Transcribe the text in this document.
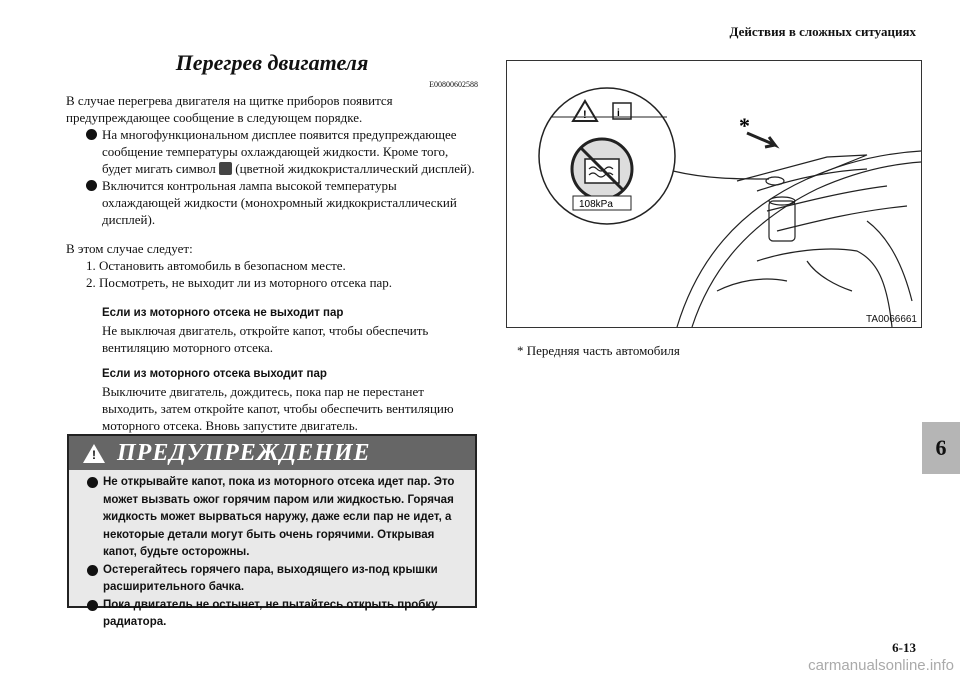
Действия в сложных ситуациях
6
6-13
Перегрев двигателя
E00800602588

В случае перегрева двигателя на щитке приборов появится предупреждающее сообщение в следующем порядке.

На многофункциональном дисплее появится предупреждающее сообщение температуры охлаждающей жидкости. Кроме того, будет мигать символ (цветной жидкокристаллический дисплей).
Включится контрольная лампа высокой температуры охлаждающей жидкости (монохромный жидкокристаллический дисплей).

В этом случае следует:

1. Остановить автомобиль в безопасном месте.

2. Посмотреть, не выходит ли из моторного отсека пар.

Если из моторного отсека не выходит пар

Не выключая двигатель, откройте капот, чтобы обеспечить вентиляцию моторного отсека.

Если из моторного отсека выходит пар

Выключите двигатель, дождитесь, пока пар не перестанет выходить, затем откройте капот, чтобы обеспечить вентиляцию моторного отсека. Вновь запустите двигатель.

! ПРЕДУПРЕЖДЕНИЕ
Не открывайте капот, пока из моторного отсека идет пар. Это может вызвать ожог горячим паром или жидкостью. Горячая жидкость может вырваться наружу, даже если пар не идет, а некоторые детали могут быть очень горячими. Открывая капот, будьте осторожны.
Остерегайтесь горячего пара, выходящего из-под крышки расширительного бачка.
Пока двигатель не остынет, не пытайтесь открыть пробку радиатора.
*
!	i
108kPa
TA0066661
* Передняя часть автомобиля
carmanualsonline.info
